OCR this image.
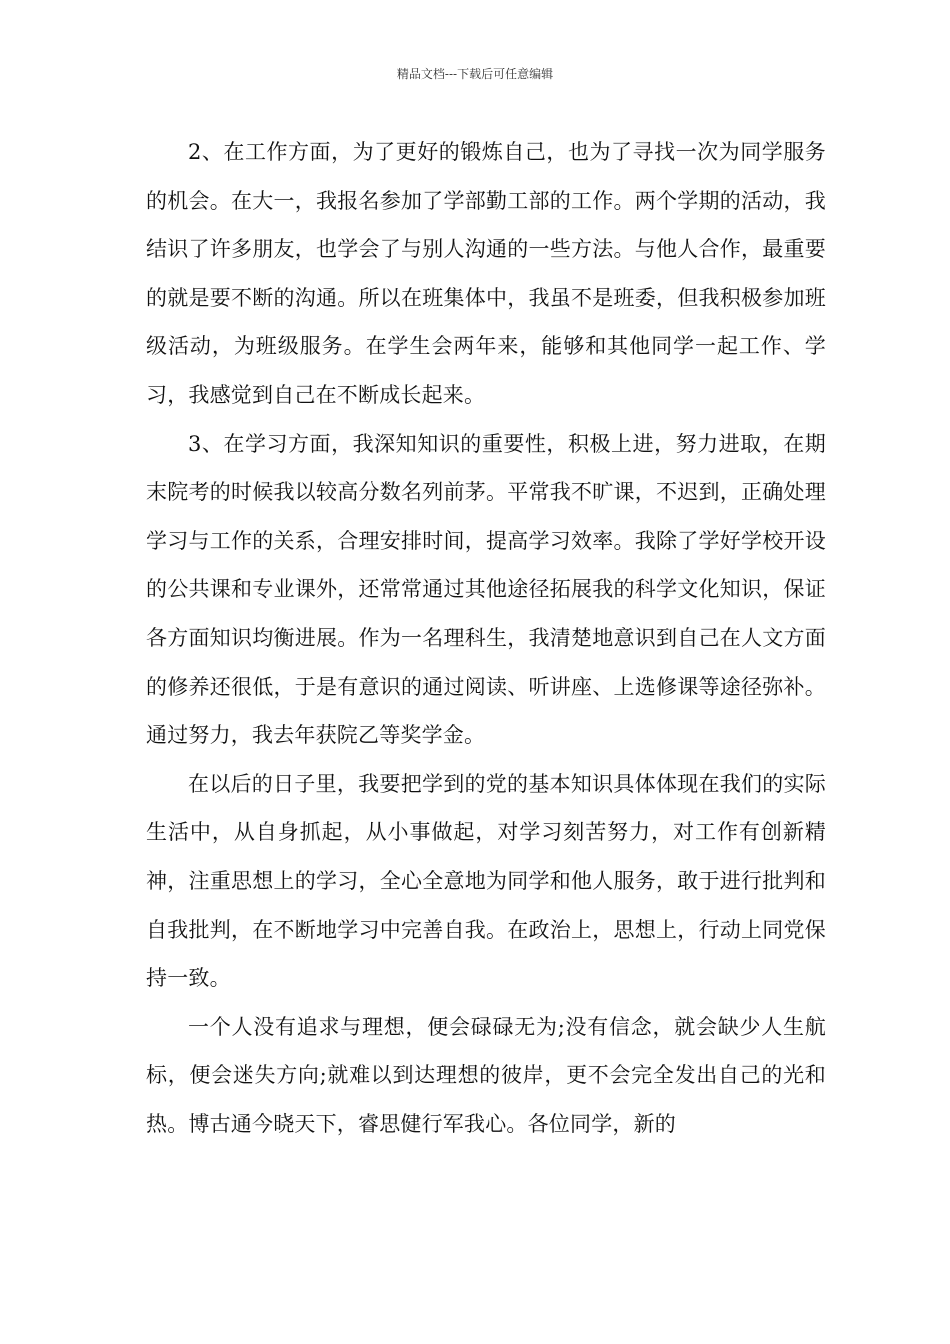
精品文档---下载后可任意编辑

2、在工作方面，为了更好的锻炼自己，也为了寻找一次为同学服务的机会。在大一，我报名参加了学部勤工部的工作。两个学期的活动，我结识了许多朋友，也学会了与别人沟通的一些方法。与他人合作，最重要的就是要不断的沟通。所以在班集体中，我虽不是班委，但我积极参加班级活动，为班级服务。在学生会两年来，能够和其他同学一起工作、学习，我感觉到自己在不断成长起来。

3、在学习方面，我深知知识的重要性，积极上进，努力进取，在期末院考的时候我以较高分数名列前茅。平常我不旷课，不迟到，正确处理学习与工作的关系，合理安排时间，提高学习效率。我除了学好学校开设的公共课和专业课外，还常常通过其他途径拓展我的科学文化知识，保证各方面知识均衡进展。作为一名理科生，我清楚地意识到自己在人文方面的修养还很低，于是有意识的通过阅读、听讲座、上选修课等途径弥补。通过努力，我去年获院乙等奖学金。

在以后的日子里，我要把学到的党的基本知识具体体现在我们的实际生活中，从自身抓起，从小事做起，对学习刻苦努力，对工作有创新精神，注重思想上的学习，全心全意地为同学和他人服务，敢于进行批判和自我批判，在不断地学习中完善自我。在政治上，思想上，行动上同党保持一致。

一个人没有追求与理想，便会碌碌无为;没有信念，就会缺少人生航标，便会迷失方向;就难以到达理想的彼岸，更不会完全发出自己的光和热。博古通今晓天下，睿思健行军我心。各位同学，新的
